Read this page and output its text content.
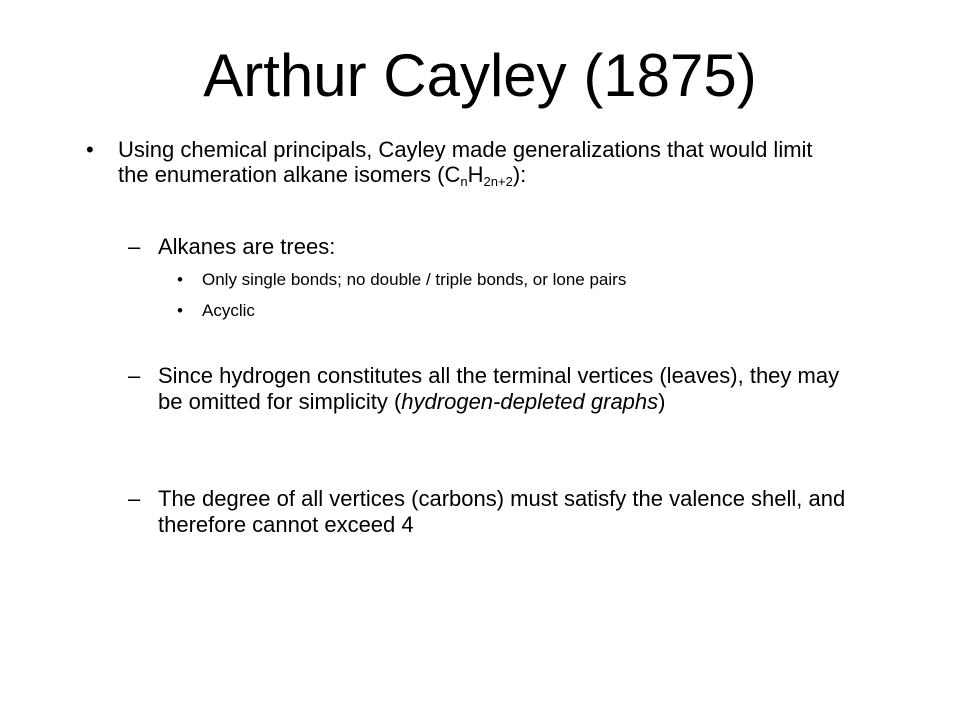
Arthur Cayley (1875)
• Using chemical principals, Cayley made generalizations that would limit the enumeration alkane isomers $(C_nH_{2n+2})$:
– Alkanes are trees:
• Only single bonds; no double / triple bonds, or lone pairs
• Acyclic
– Since hydrogen constitutes all the terminal vertices (leaves), they may be omitted for simplicity (hydrogen-depleted graphs)
– The degree of all vertices (carbons) must satisfy the valence shell, and therefore cannot exceed 4
